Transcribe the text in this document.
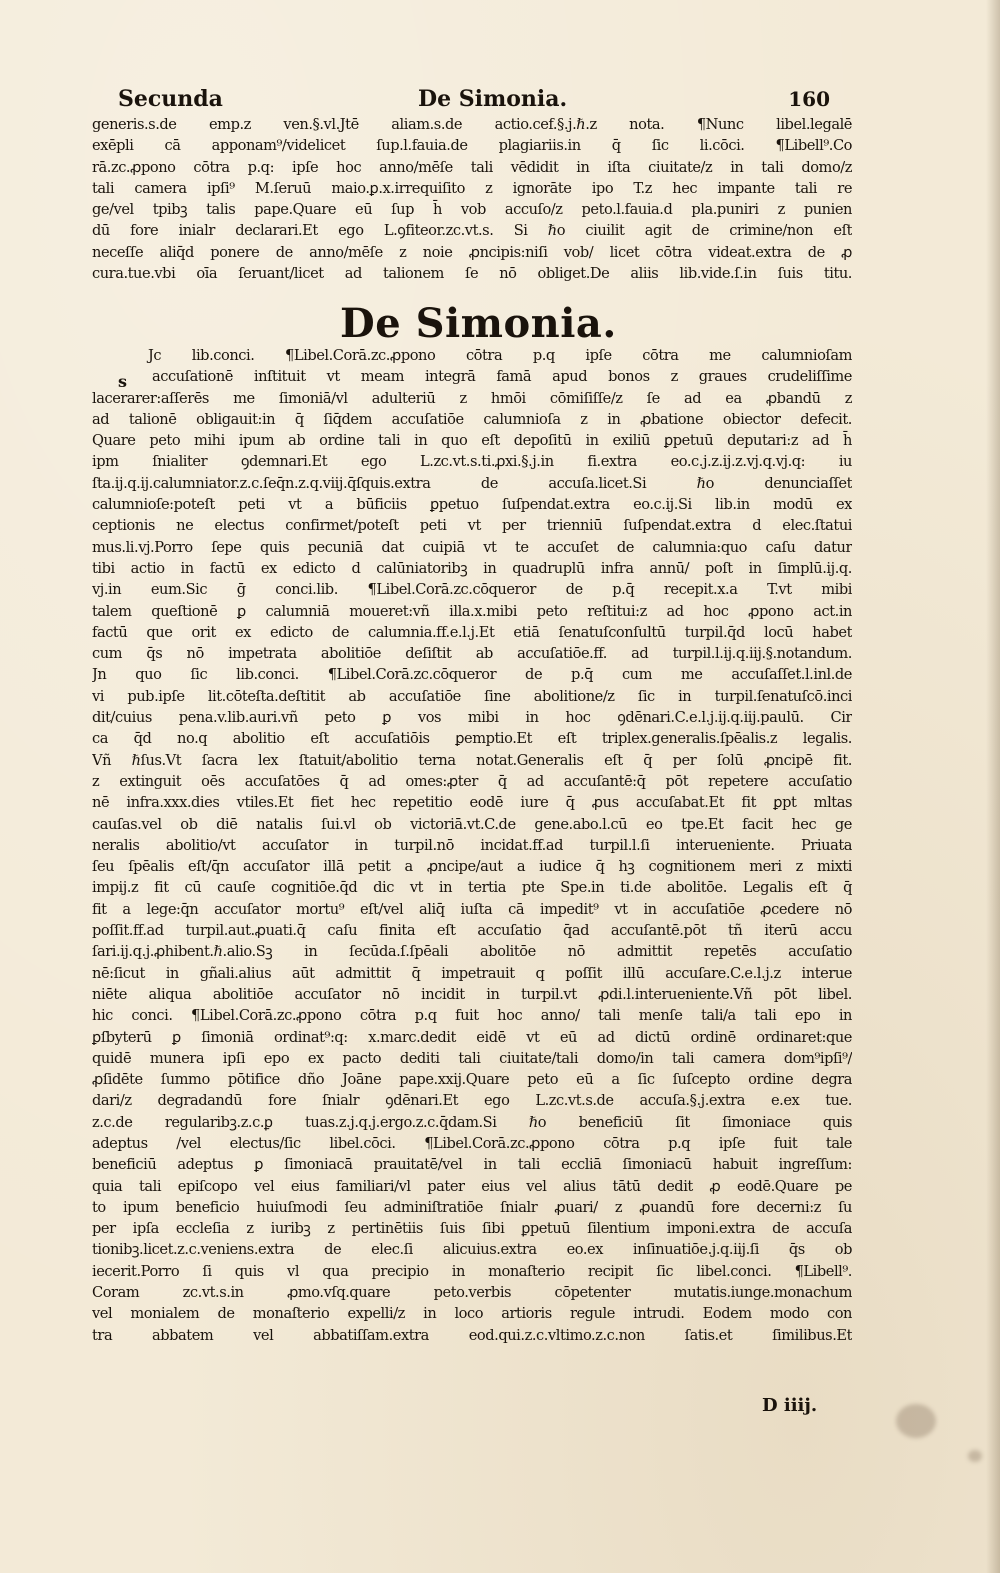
Secunda	De Simonia.	160
generis.s.de emp.z ven.§.vl.Jtē aliam.s.de actio.cef.§.j.ℏ.z nota. ¶Nunc libel.legalē
exēpli cā apponam⁹/videlicet ſup.l.fauia.de plagiariis.in q̄ ſic li.cōci. ¶Libell⁹.Co
rā.zc.ꝓpono cōtra p.q: ipſe hoc anno/mēſe tali vēdidit in iſta ciuitate/z in tali domo/z
tali camera ipſi⁹ M.ſeruū maio.ꝑ.x.irrequiſito z ignorāte ipo T.z hec impante tali re
ge/vel tpibꝫ talis pape.Quare eū ſup h̄ vob accuſo/z peto.l.fauia.d pla.puniri z punien
dū fore inialr declarari.Et ego L.ꝯfiteor.zc.vt.s. Si ℏo ciuilit agit de crimine/non eſt
neceſſe aliq̄d ponere de anno/mēſe z noie ꝓncipis:niſi vob/ licet cōtra videat.extra de ꝓ
cura.tue.vbi oīa ſeruant/licet ad talionem ſe nō obliget.De aliis lib.vide.ſ.in ſuis titu.
De Simonia.
s
Jc lib.conci. ¶Libel.Corā.zc.ꝓpono cōtra p.q ipſe cōtra me calumnioſam
accuſationē inſtituit vt meam integrā famā apud bonos z graues crudeliſſime
lacerarer:aſſerēs me ſimoniā/vl adulteriū z hmōi cōmiſiſſe/z ſe ad ea ꝓbandū z
ad talionē obligauit:in q̄ ſiq̄dem accuſatiōe calumnioſa z in ꝓbatione obiector defecit.
Quare peto mihi ipum ab ordine tali in quo eſt depoſitū in exiliū ꝑpetuū deputari:z ad h̄
ipm ſnialiter ꝯdemnari.Et ego L.zc.vt.s.ti.ꝓxi.§.j.in fi.extra eo.c.j.z.ij.z.vj.q.vj.q: iu
ſta.ij.q.ij.calumniator.z.c.ſeq̄n.z.q.viij.q̄ſquis.extra de accuſa.licet.Si ℏo denunciaſſet
calumnioſe:poteſt peti vt a būficiis ꝑpetuo ſuſpendat.extra eo.c.ij.Si lib.in modū ex
ceptionis ne electus confirmet/poteſt peti vt per trienniū ſuſpendat.extra d elec.ſtatui
mus.li.vj.Porro ſepe quis pecuniā dat cuipiā vt te accuſet de calumnia:quo caſu datur
tibi actio in factū ex edicto d calūniatoribꝫ in quadruplū infra annū/ poſt in ſimplū.ij.q.
vj.in eum.Sic ḡ conci.lib. ¶Libel.Corā.zc.cōqueror de p.q̄ recepit.x.a T.vt mibi
talem queſtionē ꝑ calumniā moueret:vñ illa.x.mibi peto reſtitui:z ad hoc ꝓpono act.in
factū que orit ex edicto de calumnia.ff.e.l.j.Et etiā ſenatuſconſultū turpil.q̄d locū habet
cum q̄s nō impetrata abolitiōe deſiſtit ab accuſatiōe.ff. ad turpil.l.ij.q.iij.§.notandum.
Jn quo ſic lib.conci. ¶Libel.Corā.zc.cōqueror de p.q̄ cum me accuſaſſet.l.inl.de
vi pub.ipſe lit.cōteſta.deſtitit ab accuſatiōe ſine abolitione/z ſic in turpil.ſenatuſcō.inci
dit/cuius pena.v.lib.auri.vñ peto ꝑ vos mibi in hoc ꝯdēnari.C.e.l.j.ij.q.iij.paulū. Cir
ca q̄d no.q abolitio eſt accuſatiōis ꝑemptio.Et eſt triplex.generalis.ſpēalis.z legalis.
Vñ ℏſus.Vt ſacra lex ſtatuit/abolitio terna notat.Generalis eſt q̄ per ſolū ꝓncipē fit.
z extinguit oēs accuſatōes q̄ ad omes:ꝓter q̄ ad accuſantē:q̄ pōt repetere accuſatio
nē infra.xxx.dies vtiles.Et fiet hec repetitio eodē iure q̄ ꝓus accuſabat.Et fit ꝑpt mltas
cauſas.vel ob diē natalis ſui.vl ob victoriā.vt.C.de gene.abo.l.cū eo tpe.Et facit hec ge
neralis abolitio/vt accuſator in turpil.nō incidat.ff.ad turpil.l.ſi interueniente. Priuata
ſeu ſpēalis eſt/q̄n accuſator illā petit a ꝓncipe/aut a iudice q̄ hꝫ cognitionem meri z mixti
impij.z fit cū cauſe cognitiōe.q̄d dic vt in tertia pte Spe.in ti.de abolitōe. Legalis eſt q̄
fit a lege:q̄n accuſator mortu⁹ eſt/vel aliq̄ iuſta cā impedit⁹ vt in accuſatiōe ꝓcedere nō
poſſit.ff.ad turpil.aut.ꝓuati.q̄ caſu finita eſt accuſatio q̄ad accuſantē.pōt tñ iterū accu
ſari.ij.q.j.ꝓhibent.ℏ.alio.Sꝫ in ſecūda.ſ.ſpēali abolitōe nō admittit repetēs accuſatio
nē:ſicut in gñali.alius aūt admittit q̄ impetrauit q poſſit illū accuſare.C.e.l.j.z interue
niēte aliqua abolitiōe accuſator nō incidit in turpil.vt ꝓdi.l.interueniente.Vñ pōt libel.
hic conci. ¶Libel.Corā.zc.ꝓpono cōtra p.q fuit hoc anno/ tali menſe tali/a tali epo in
ꝑſbyterū ꝑ ſimoniā ordinat⁹:q: x.marc.dedit eidē vt eū ad dictū ordinē ordinaret:que
quidē munera ipſi epo ex pacto dediti tali ciuitate/tali domo/in tali camera dom⁹ipſi⁹/
ꝓſidēte ſummo pōtifice dño Joāne pape.xxij.Quare peto eū a ſic ſuſcepto ordine degra
dari/z degradandū fore ſnialr ꝯdēnari.Et ego L.zc.vt.s.de accuſa.§.j.extra e.ex tue.
z.c.de regularibꝫ.z.c.ꝑ tuas.z.j.q.j.ergo.z.c.q̄dam.Si ℏo beneficiū ſit ſimoniace quis
adeptus /vel electus/ſic libel.cōci. ¶Libel.Corā.zc.ꝓpono cōtra p.q ipſe fuit tale
beneficiū adeptus ꝑ ſimoniacā prauitatē/vel in tali eccliā ſimoniacū habuit ingreſſum:
quia tali epiſcopo vel eius familiari/vl pater eius vel alius tātū dedit ꝓ eodē.Quare pe
to ipum beneficio huiuſmodi ſeu adminiſtratiōe ſnialr ꝓuari/ z ꝓuandū fore decerni:z ſu
per ipſa eccleſia z iuribꝫ z pertinētiis ſuis ſibi ꝑpetuū ſilentium imponi.extra de accuſa
tionibꝫ.licet.z.c.veniens.extra de elec.ſi alicuius.extra eo.ex inſinuatiōe.j.q.iij.ſi q̄s ob
iecerit.Porro ſi quis vl qua precipio in monaſterio recipit ſic libel.conci. ¶Libell⁹.
Coram zc.vt.s.in ꝓmo.vſq.quare peto.verbis cōpetenter mutatis.iunge.monachum
vel monialem de monaſterio expelli/z in loco artioris regule intrudi. Eodem modo con
tra abbatem vel abbatiſſam.extra eod.qui.z.c.vltimo.z.c.non ſatis.et ſimilibus.Et
D iiij.
